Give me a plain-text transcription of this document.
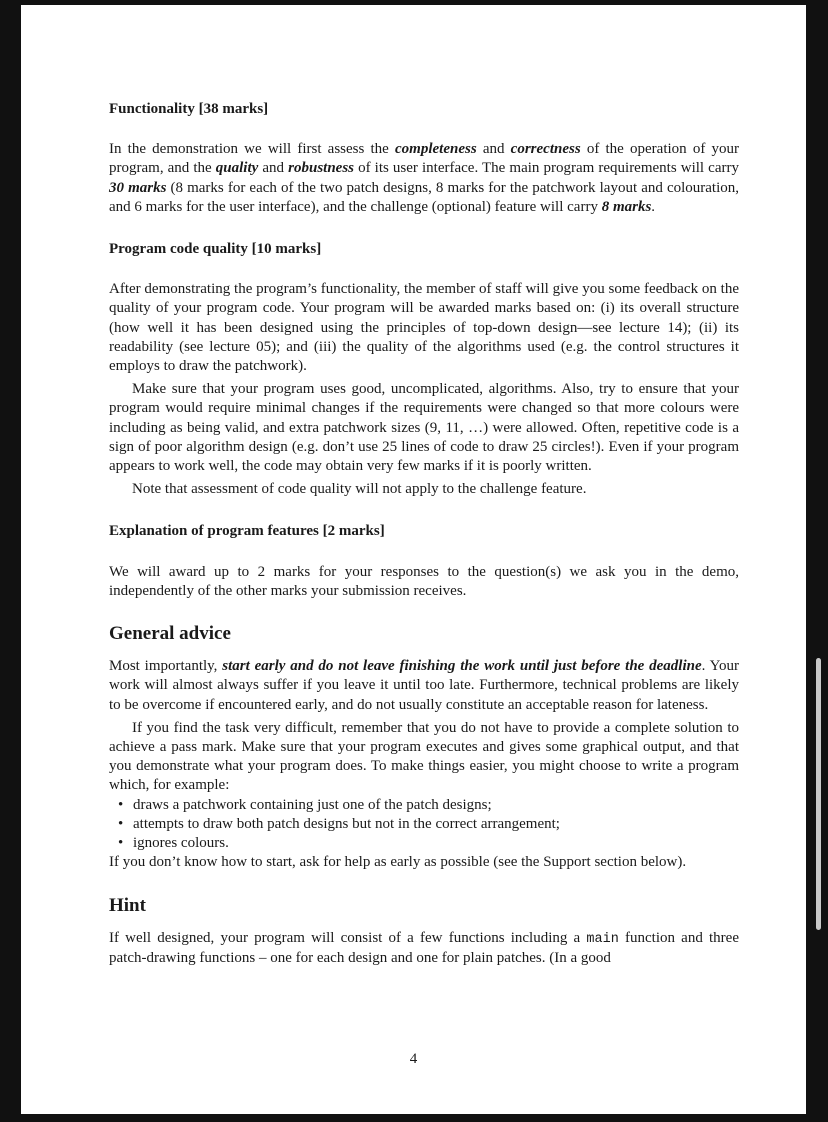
Functionality [38 marks]

In the demonstration we will first assess the completeness and correctness of the operation of your program, and the quality and robustness of its user interface. The main program requirements will carry 30 marks (8 marks for each of the two patch designs, 8 marks for the patchwork layout and colouration, and 6 marks for the user interface), and the challenge (optional) feature will carry 8 marks.

Program code quality [10 marks]

After demonstrating the program’s functionality, the member of staff will give you some feedback on the quality of your program code. Your program will be awarded marks based on: (i) its overall structure (how well it has been designed using the principles of top-down design—see lecture 14); (ii) its readability (see lecture 05); and (iii) the quality of the algorithms used (e.g. the control structures it employs to draw the patchwork).

Make sure that your program uses good, uncomplicated, algorithms. Also, try to ensure that your program would require minimal changes if the requirements were changed so that more colours were including as being valid, and extra patchwork sizes (9, 11, …) were allowed. Often, repetitive code is a sign of poor algorithm design (e.g. don’t use 25 lines of code to draw 25 circles!). Even if your program appears to work well, the code may obtain very few marks if it is poorly written.

Note that assessment of code quality will not apply to the challenge feature.

Explanation of program features [2 marks]

We will award up to 2 marks for your responses to the question(s) we ask you in the demo, independently of the other marks your submission receives.

General advice

Most importantly, start early and do not leave finishing the work until just before the deadline. Your work will almost always suffer if you leave it until too late. Furthermore, technical problems are likely to be overcome if encountered early, and do not usually constitute an acceptable reason for lateness.

If you find the task very difficult, remember that you do not have to provide a complete solution to achieve a pass mark. Make sure that your program executes and gives some graphical output, and that you demonstrate what your program does. To make things easier, you might choose to write a program which, for example:

• draws a patchwork containing just one of the patch designs;
• attempts to draw both patch designs but not in the correct arrangement;
• ignores colours.

If you don’t know how to start, ask for help as early as possible (see the Support section below).

Hint

If well designed, your program will consist of a few functions including a main function and three patch-drawing functions – one for each design and one for plain patches. (In a good

4
